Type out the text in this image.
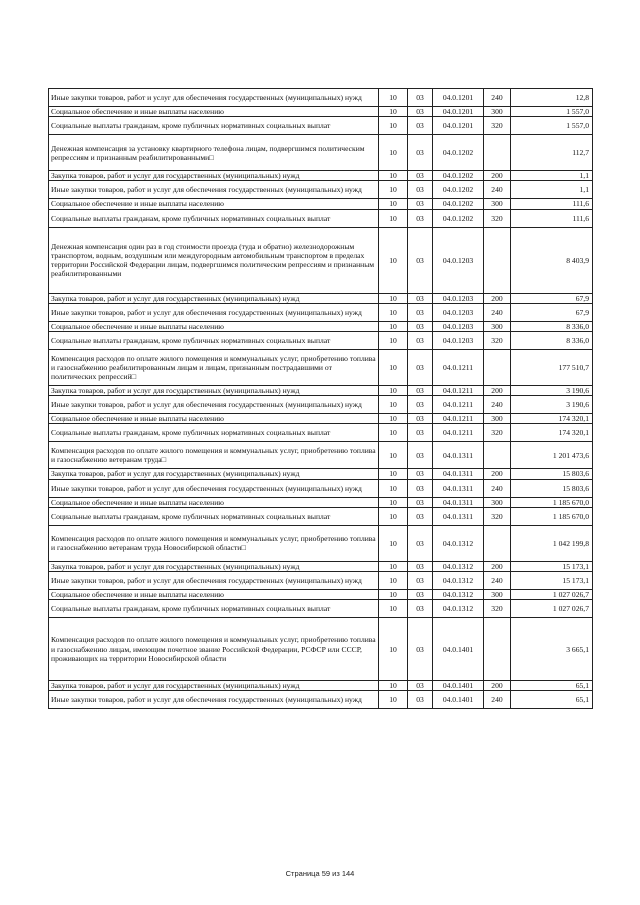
Иные закупки товаров, работ и услуг для обеспечения государственных (муниципальных) нужд	10	03	04.0.1201	240	12,8
Социальное обеспечение и иные выплаты населению	10	03	04.0.1201	300	1 557,0
Социальные выплаты гражданам, кроме публичных нормативных социальных выплат	10	03	04.0.1201	320	1 557,0
Денежная компенсация за установку квартирного телефона лицам, подвергшимся политическим репрессиям и признанным реабилитированными□	10	03	04.0.1202		112,7
Закупка товаров, работ и услуг для государственных (муниципальных) нужд	10	03	04.0.1202	200	1,1
Иные закупки товаров, работ и услуг для обеспечения государственных (муниципальных) нужд	10	03	04.0.1202	240	1,1
Социальное обеспечение и иные выплаты населению	10	03	04.0.1202	300	111,6
Социальные выплаты гражданам, кроме публичных нормативных социальных выплат	10	03	04.0.1202	320	111,6
Денежная компенсация один раз в год стоимости проезда (туда и обратно) железнодорожным транспортом, водным, воздушным или междугородным автомобильным транспортом в пределах территории Российской Федерации лицам, подвергшимся политическим репрессиям и признанным реабилитированными	10	03	04.0.1203		8 403,9
Закупка товаров, работ и услуг для государственных (муниципальных) нужд	10	03	04.0.1203	200	67,9
Иные закупки товаров, работ и услуг для обеспечения государственных (муниципальных) нужд	10	03	04.0.1203	240	67,9
Социальное обеспечение и иные выплаты населению	10	03	04.0.1203	300	8 336,0
Социальные выплаты гражданам, кроме публичных нормативных социальных выплат	10	03	04.0.1203	320	8 336,0
Компенсация расходов по оплате жилого помещения и коммунальных услуг, приобретению топлива и газоснабжению реабилитированным лицам и лицам, признанным пострадавшими от политических репрессий□	10	03	04.0.1211		177 510,7
Закупка товаров, работ и услуг для государственных (муниципальных) нужд	10	03	04.0.1211	200	3 190,6
Иные закупки товаров, работ и услуг для обеспечения государственных (муниципальных) нужд	10	03	04.0.1211	240	3 190,6
Социальное обеспечение и иные выплаты населению	10	03	04.0.1211	300	174 320,1
Социальные выплаты гражданам, кроме публичных нормативных социальных выплат	10	03	04.0.1211	320	174 320,1
Компенсация расходов по оплате жилого помещения и коммунальных услуг, приобретению топлива и газоснабжению ветеранам труда□	10	03	04.0.1311		1 201 473,6
Закупка товаров, работ и услуг для государственных (муниципальных) нужд	10	03	04.0.1311	200	15 803,6
Иные закупки товаров, работ и услуг для обеспечения государственных (муниципальных) нужд	10	03	04.0.1311	240	15 803,6
Социальное обеспечение и иные выплаты населению	10	03	04.0.1311	300	1 185 670,0
Социальные выплаты гражданам, кроме публичных нормативных социальных выплат	10	03	04.0.1311	320	1 185 670,0
Компенсация расходов по оплате жилого помещения и коммунальных услуг, приобретению топлива и газоснабжению ветеранам труда Новосибирской области□	10	03	04.0.1312		1 042 199,8
Закупка товаров, работ и услуг для государственных (муниципальных) нужд	10	03	04.0.1312	200	15 173,1
Иные закупки товаров, работ и услуг для обеспечения государственных (муниципальных) нужд	10	03	04.0.1312	240	15 173,1
Социальное обеспечение и иные выплаты населению	10	03	04.0.1312	300	1 027 026,7
Социальные выплаты гражданам, кроме публичных нормативных социальных выплат	10	03	04.0.1312	320	1 027 026,7
Компенсация расходов по оплате жилого помещения и коммунальных услуг, приобретению топлива и газоснабжению лицам, имеющим почетное звание Российской Федерации, РСФСР или СССР, проживающих на территории Новосибирской области	10	03	04.0.1401		3 665,1
Закупка товаров, работ и услуг для государственных (муниципальных) нужд	10	03	04.0.1401	200	65,1
Иные закупки товаров, работ и услуг для обеспечения государственных (муниципальных) нужд	10	03	04.0.1401	240	65,1
Страница 59 из 144
